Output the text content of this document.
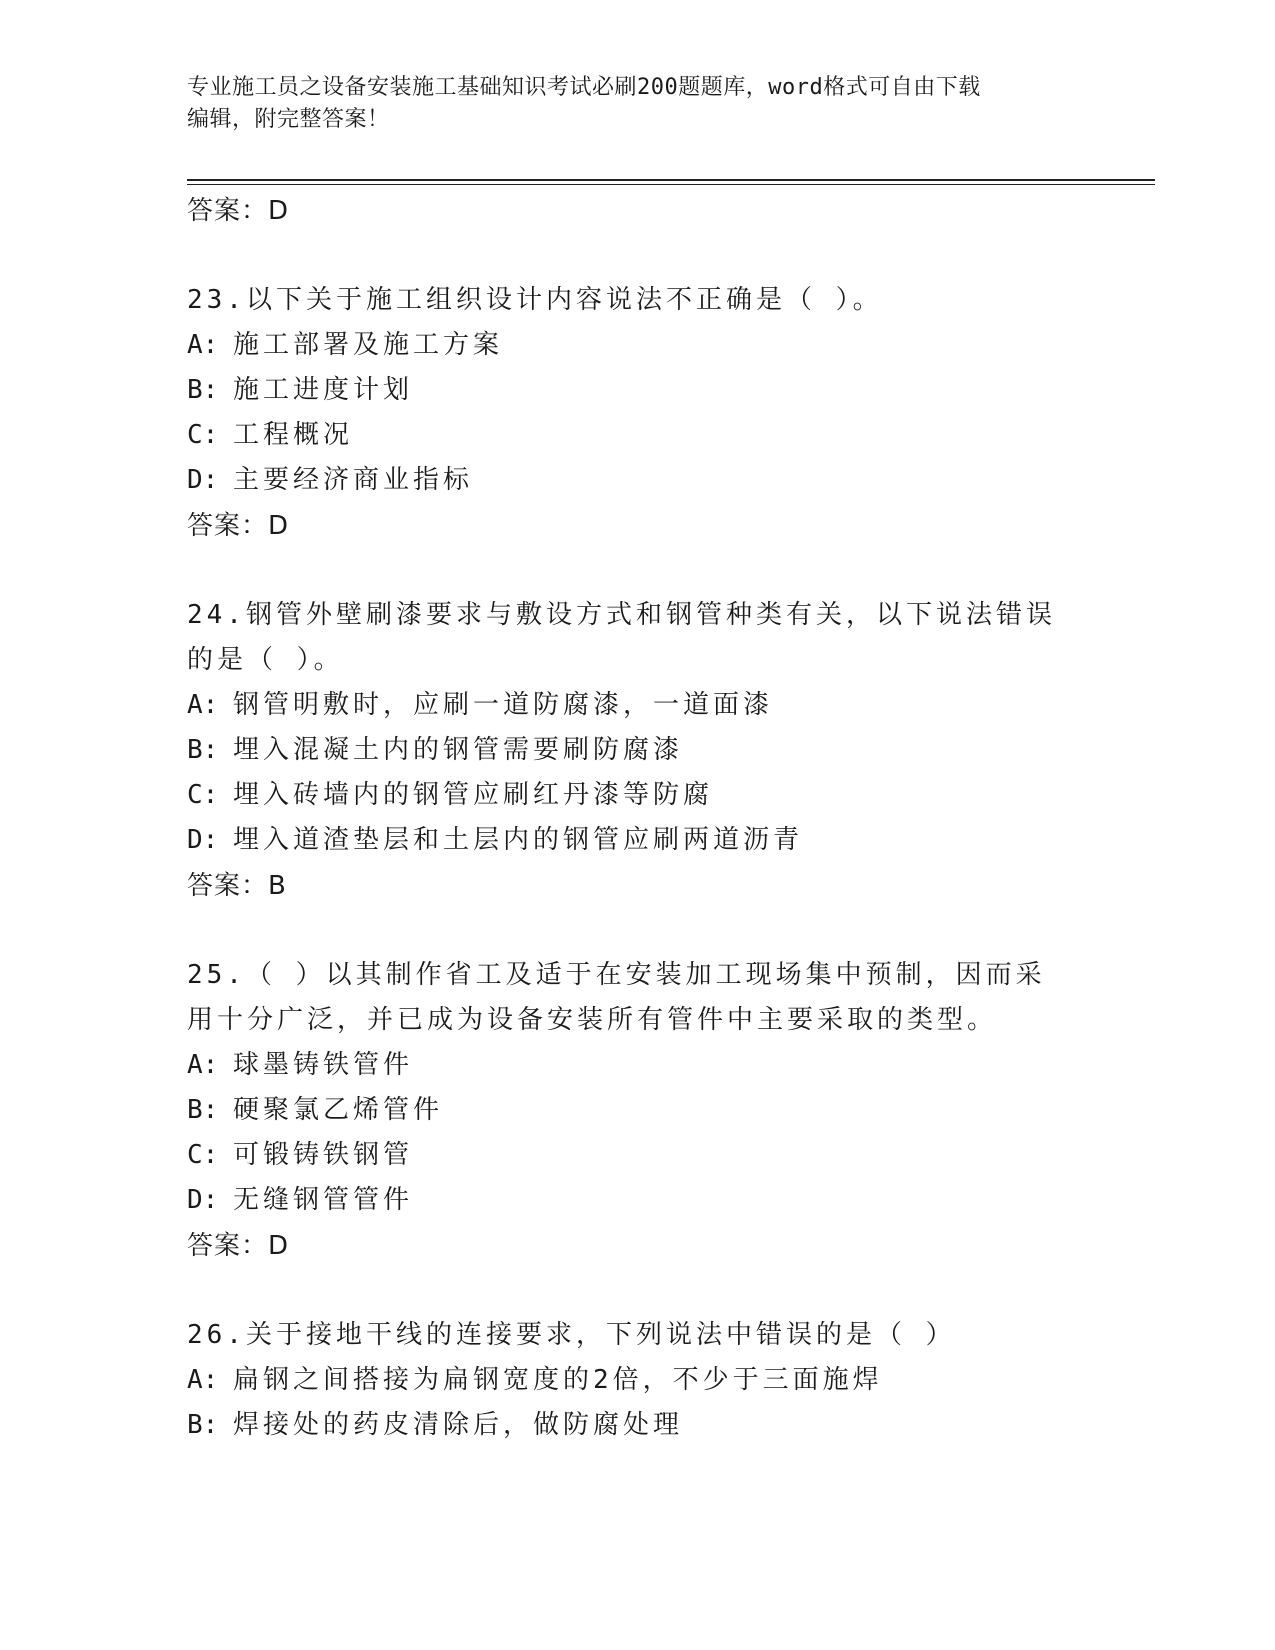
专业施工员之设备安装施工基础知识考试必刷200题题库，word格式可自由下载
编辑，附完整答案！
答案：D
23.以下关于施工组织设计内容说法不正确是（ ）。
A: 施工部署及施工方案
B: 施工进度计划
C: 工程概况
D: 主要经济商业指标
答案：D
24.钢管外壁刷漆要求与敷设方式和钢管种类有关，以下说法错误的是（ ）。
A: 钢管明敷时，应刷一道防腐漆，一道面漆
B: 埋入混凝土内的钢管需要刷防腐漆
C: 埋入砖墙内的钢管应刷红丹漆等防腐
D: 埋入道渣垫层和土层内的钢管应刷两道沥青
答案：B
25.（ ）以其制作省工及适于在安装加工现场集中预制，因而采用十分广泛，并已成为设备安装所有管件中主要采取的类型。
A: 球墨铸铁管件
B: 硬聚氯乙烯管件
C: 可锻铸铁钢管
D: 无缝钢管管件
答案：D
26.关于接地干线的连接要求，下列说法中错误的是（ ）
A: 扁钢之间搭接为扁钢宽度的2倍，不少于三面施焊
B: 焊接处的药皮清除后，做防腐处理
